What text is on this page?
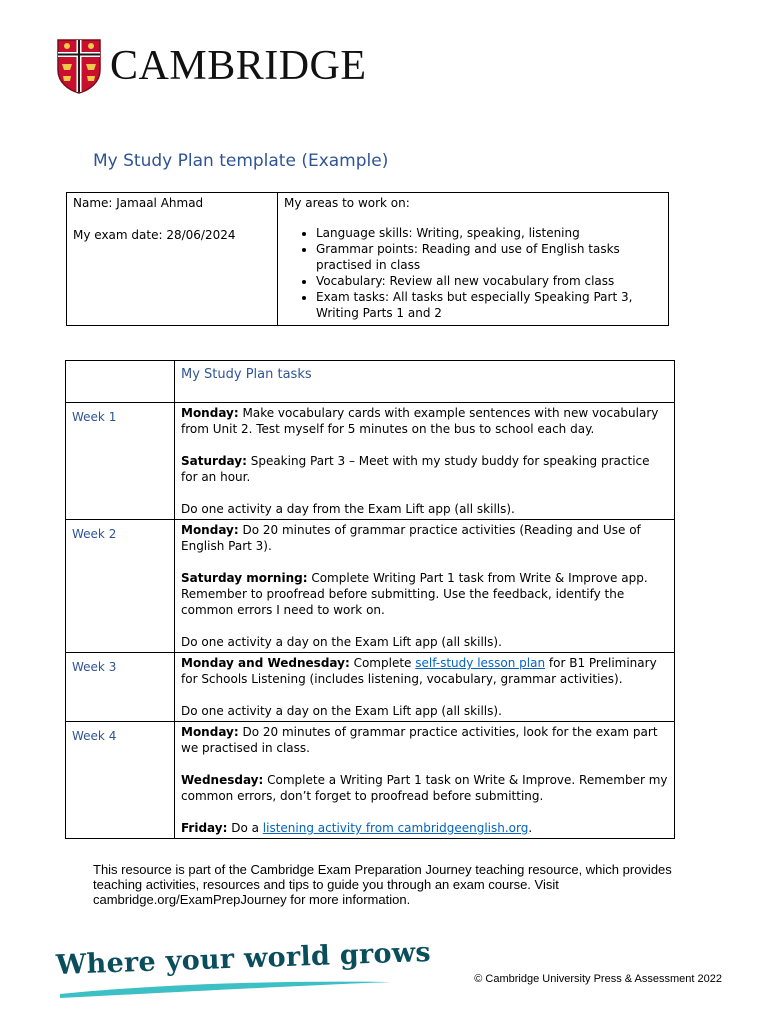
CAMBRIDGE
My Study Plan template (Example)
Name: Jamaal Ahmad
My exam date: 28/06/2024

My areas to work on:
• Language skills: Writing, speaking, listening
• Grammar points: Reading and use of English tasks practised in class
• Vocabulary: Review all new vocabulary from class
• Exam tasks: All tasks but especially Speaking Part 3, Writing Parts 1 and 2
	My Study Plan tasks
Week 1	Monday: Make vocabulary cards with example sentences with new vocabulary from Unit 2. Test myself for 5 minutes on the bus to school each day.

Saturday: Speaking Part 3 – Meet with my study buddy for speaking practice for an hour.

Do one activity a day from the Exam Lift app (all skills).

Week 2	Monday: Do 20 minutes of grammar practice activities (Reading and Use of English Part 3).

Saturday morning: Complete Writing Part 1 task from Write & Improve app. Remember to proofread before submitting. Use the feedback, identify the common errors I need to work on.

Do one activity a day on the Exam Lift app (all skills).

Week 3	Monday and Wednesday: Complete self-study lesson plan for B1 Preliminary for Schools Listening (includes listening, vocabulary, grammar activities).

Do one activity a day on the Exam Lift app (all skills).

Week 4	Monday: Do 20 minutes of grammar practice activities, look for the exam part we practised in class.

Wednesday: Complete a Writing Part 1 task on Write & Improve. Remember my common errors, don’t forget to proofread before submitting.

Friday: Do a listening activity from cambridgeenglish.org.

This resource is part of the Cambridge Exam Preparation Journey teaching resource, which provides teaching activities, resources and tips to guide you through an exam course. Visit cambridge.org/ExamPrepJourney for more information.

Where your world grows	© Cambridge University Press & Assessment 2022
